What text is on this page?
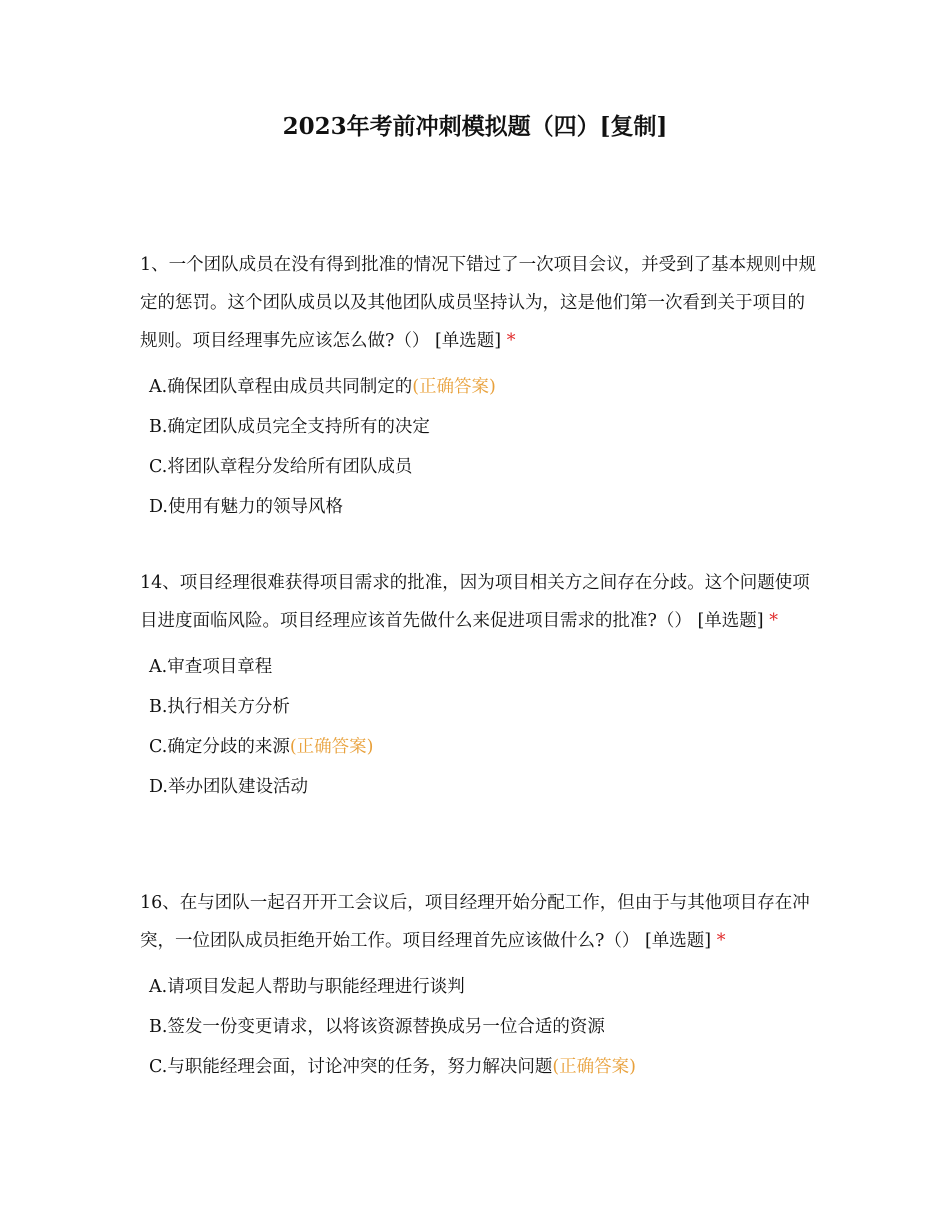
2023年考前冲刺模拟题（四）[复制]

1、一个团队成员在没有得到批准的情况下错过了一次项目会议，并受到了基本规则中规定的惩罚。这个团队成员以及其他团队成员坚持认为，这是他们第一次看到关于项目的规则。项目经理事先应该怎么做?（） [单选题] *

A.确保团队章程由成员共同制定的(正确答案)
B.确定团队成员完全支持所有的决定
C.将团队章程分发给所有团队成员
D.使用有魅力的领导风格

14、项目经理很难获得项目需求的批准，因为项目相关方之间存在分歧。这个问题使项目进度面临风险。项目经理应该首先做什么来促进项目需求的批准?（） [单选题] *

A.审查项目章程
B.执行相关方分析
C.确定分歧的来源(正确答案)
D.举办团队建设活动

16、在与团队一起召开开工会议后，项目经理开始分配工作，但由于与其他项目存在冲突，一位团队成员拒绝开始工作。项目经理首先应该做什么?（） [单选题] *

A.请项目发起人帮助与职能经理进行谈判
B.签发一份变更请求，以将该资源替换成另一位合适的资源
C.与职能经理会面，讨论冲突的任务，努力解决问题(正确答案)
